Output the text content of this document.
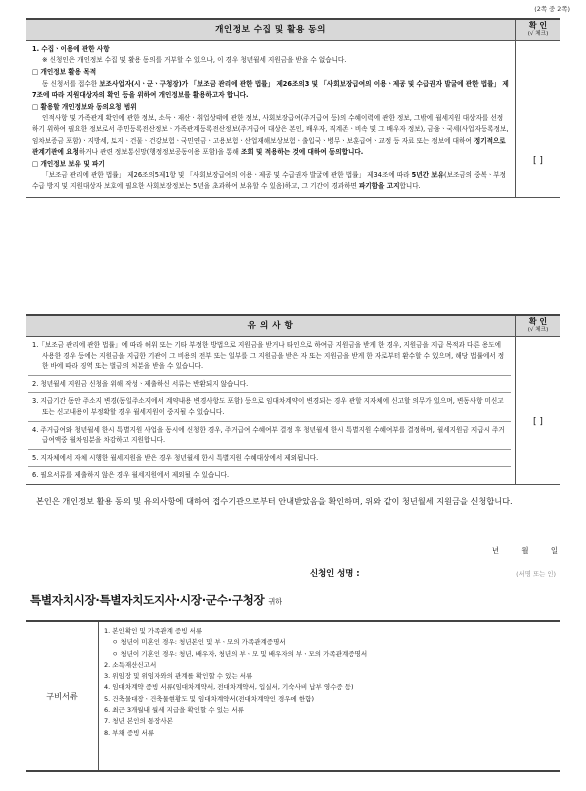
(2쪽 중 2쪽)
개인정보 수집 및 활용 동의	확 인
(√ 체크)

1. 수집ㆍ이용에 관한 사항

※ 신청인은 개인정보 수집 및 활용 동의를 거부할 수 있으나, 이 경우 청년월세 지원금을 받을 수 없습니다.

□ 개인정보 활용 목적

동 신청서를 접수한 보조사업자(시ㆍ군ㆍ구청장)가 「보조금 관리에 관한 법률」 제26조의3 및 「사회보장급여의 이용ㆍ제공 및 수급권자 발굴에 관한 법률」 제7조에 따라 지원대상자의 확인 등을 위하여 개인정보를 활용하고자 합니다.

□ 활용할 개인정보와 동의요청 범위

인적사항 및 가족관계 확인에 관한 정보, 소득ㆍ재산ㆍ취업상태에 관한 정보, 사회보장급여(주거급여 등)의 수혜이력에 관한 정보, 그밖에 월세지원 대상자를 선정하기 위하여 필요한 정보로서 주민등록전산정보ㆍ가족관계등록전산정보(주거급여 대상은 본인, 배우자, 직계존ㆍ비속 및 그 배우자 정보), 금융ㆍ국세(사업자등록정보,임차보증금 포함)ㆍ지방세, 토지ㆍ건물ㆍ건강보험ㆍ국민연금ㆍ고용보험ㆍ산업재해보상보험ㆍ출입국ㆍ병무ㆍ보훈급여ㆍ교정 등 자료 또는 정보에 대하여 정기적으로 관계기관에 요청하거나 관련 정보통신망(행정정보공동이용 포함)을 통해 조회 및 적용하는 것에 대하여 동의합니다.

□ 개인정보 보유 및 파기

「보조금 관리에 관한 법률」 제26조의5제1항 및 「사회보장급여의 이용ㆍ제공 및 수급권자 발굴에 관한 법률」 제34조에 따라 5년간 보유(보조금의 중복ㆍ부정수급 방지 및 지원대상자 보호에 필요한 사회보장정보는 5년을 초과하여 보유할 수 있음)하고, 그 기간이 경과하면 파기함을 고지합니다.

[ ]
유 의 사 항	확 인
(√ 체크)
1.「보조금 관리에 관한 법률」에 따라 허위 또는 기타 부정한 방법으로 지원금을 받거나 타인으로 하여금 지원금을 받게 한 경우, 지원금을 지급 목적과 다른 용도에 사용한 경우 등에는 지원금을 지급한 기관이 그 비용의 전부 또는 일부를 그 지원금을 받은 자 또는 지원금을 받게 한 자로부터 환수할 수 있으며, 해당 법률에서 정한 바에 따라 징역 또는 벌금의 처분을 받을 수 있습니다.
2. 청년월세 지원금 신청을 위해 작성ㆍ제출하신 서류는 반환되지 않습니다.
3. 지급기간 동안 주소지 변경(동일주소지에서 계약내용 변경사항도 포함) 등으로 임대차계약이 변경되는 경우 관할 지자체에 신고할 의무가 있으며, 변동사항 미신고 또는 신고내용이 부정확할 경우 월세지원이 중지될 수 있습니다.
4. 주거급여와 청년월세 한시 특별지원 사업을 동시에 신청한 경우, 주거급여 수혜여부 결정 후 청년월세 한시 특별지원 수혜여부를 결정하며, 월세지원금 지급시 주거급여액중 월차임분을 차감하고 지원합니다.
5. 지자체에서 자체 시행한 월세지원을 받은 경우 청년월세 한시 특별지원 수혜대상에서 제외됩니다.
6. 필요서류를 제출하지 않은 경우 월세지원에서 제외될 수 있습니다.
[ ]

본인은 개인정보 활용 동의 및 유의사항에 대하여 접수기관으로부터 안내받았음을 확인하며, 위와 같이 청년월세 지원금을 신청합니다.

년 월 일
신청인 성명 :	(서명 또는 인)
특별자치시장·특별자치도지사·시장·군수·구청장 귀하
구비서류

1. 본인확인 및 가족관계 증빙 서류

ㅇ 청년이 미혼인 경우: 청년본인 및 부ㆍ모의 가족관계증명서

ㅇ 청년이 기혼인 경우: 청년, 배우자, 청년의 부ㆍ모 및 배우자의 부ㆍ모의 가족관계증명서

2. 소득재산신고서

3. 위임장 및 위임자와의 관계를 확인할 수 있는 서류

4. 임대차계약 증빙 서류(임대차계약서, 전대차계약서, 입실서, 기숙사비 납부 영수증 등)

5. 건축물대장ㆍ건축물현황도 및 임대차계약서(전대차계약인 경우에 한함)

6. 최근 3개월내 월세 지급을 확인할 수 있는 서류

7. 청년 본인의 통장사본

8. 부채 증빙 서류
